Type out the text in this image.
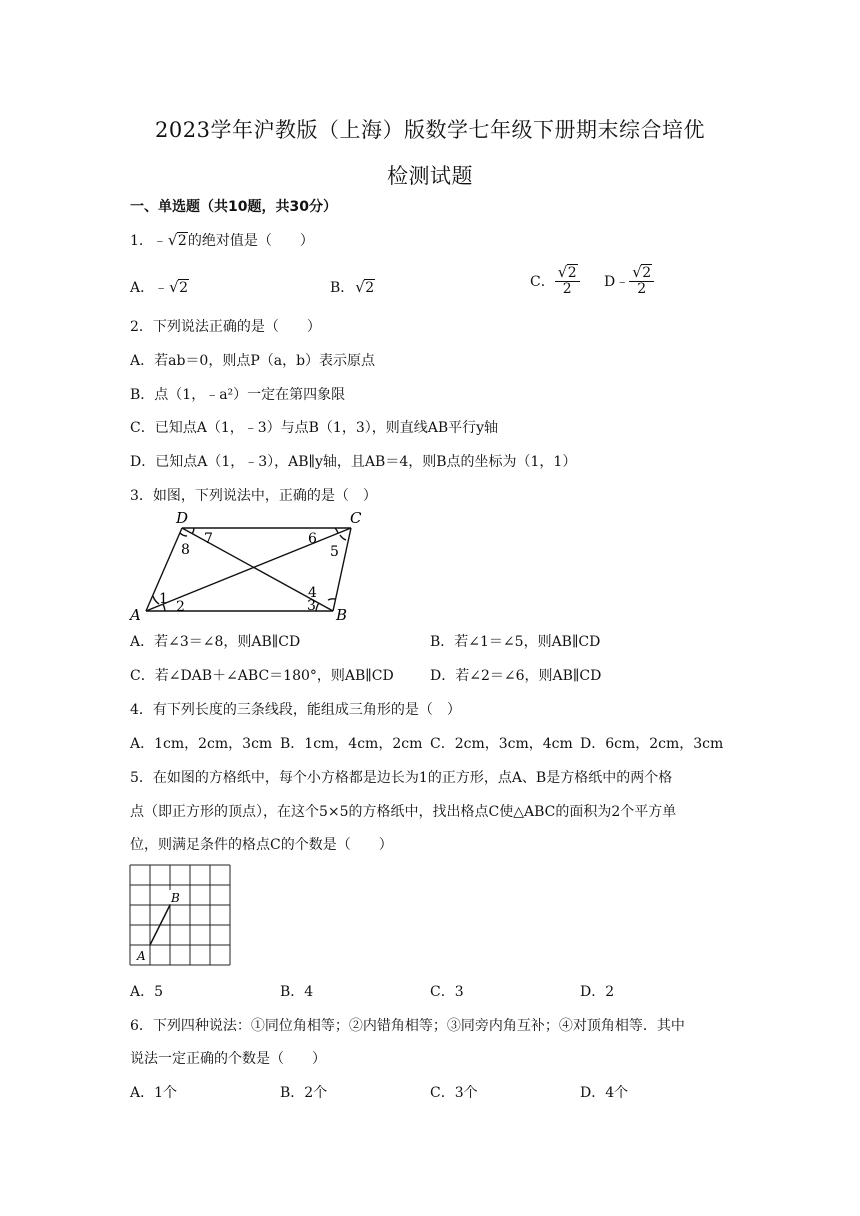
2023学年沪教版（上海）版数学七年级下册期末综合培优
检测试题
一、单选题（共10题，共30分）
1．﹣ √ 2的绝对值是（　　）
A．﹣ √ 2	B． √ 2	C． √ $\frac{2}{2}$ D﹣ √ $\frac{2}{2}$
2．下列说法正确的是（　　）
A．若ab＝0，则点P（a，b）表示原点
B．点（1，﹣a²）一定在第四象限
C．已知点A（1，﹣3）与点B（1，3），则直线AB平行y轴
D．已知点A（1，﹣3），AB∥y轴，且AB＝4，则B点的坐标为（1，1）
3．如图，下列说法中，正确的是（　）
A	B
C
D
1 2	3
4
5
6
7
8
A．若∠3＝∠8，则AB∥CD	B．若∠1＝∠5，则AB∥CD
C．若∠DAB＋∠ABC＝180°，则AB∥CD	D．若∠2＝∠6，则AB∥CD
4．有下列长度的三条线段，能组成三角形的是（　）
A．1cm，2cm，3cm B．1cm，4cm，2cm C．2cm，3cm，4cm D．6cm，2cm，3cm
5．在如图的方格纸中，每个小方格都是边长为1的正方形，点A、B是方格纸中的两个格
点（即正方形的顶点），在这个5×5的方格纸中，找出格点C使△ABC的面积为2个平方单
位，则满足条件的格点C的个数是（　　）
B
A
A．5	B．4	C．3	D．2
6．下列四种说法：①同位角相等；②内错角相等；③同旁内角互补；④对顶角相等．其中
说法一定正确的个数是（　　）
A．1个	B．2个	C．3个	D．4个
